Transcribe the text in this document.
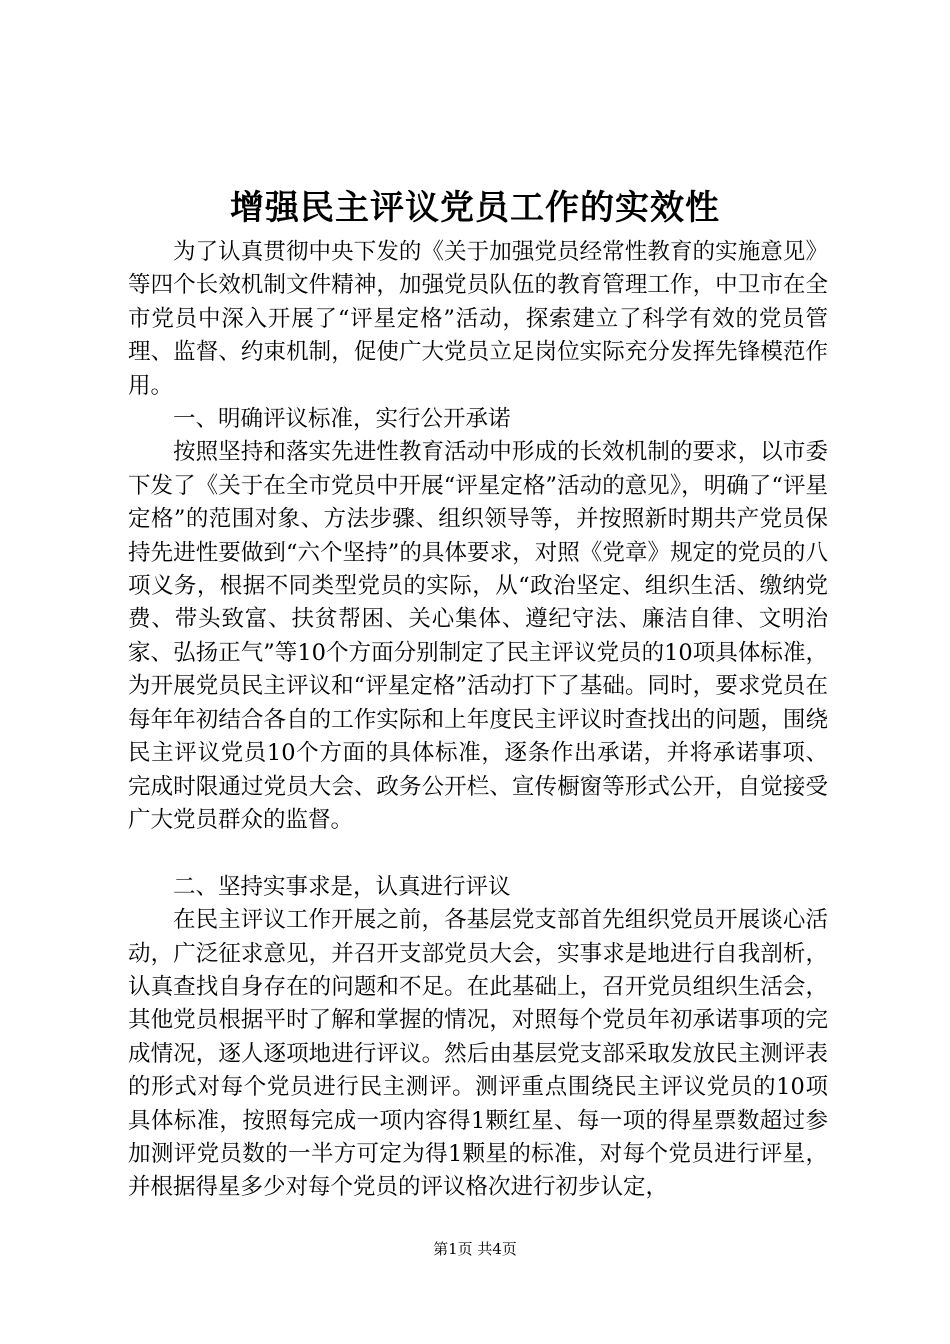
增强民主评议党员工作的实效性

为了认真贯彻中央下发的《关于加强党员经常性教育的实施意见》等四个长效机制文件精神，加强党员队伍的教育管理工作，中卫市在全市党员中深入开展了“评星定格”活动，探索建立了科学有效的党员管理、监督、约束机制，促使广大党员立足岗位实际充分发挥先锋模范作用。

一、明确评议标准，实行公开承诺

按照坚持和落实先进性教育活动中形成的长效机制的要求，以市委下发了《关于在全市党员中开展“评星定格”活动的意见》，明确了“评星定格”的范围对象、方法步骤、组织领导等，并按照新时期共产党员保持先进性要做到“六个坚持”的具体要求，对照《党章》规定的党员的八项义务，根据不同类型党员的实际，从“政治坚定、组织生活、缴纳党费、带头致富、扶贫帮困、关心集体、遵纪守法、廉洁自律、文明治家、弘扬正气”等10个方面分别制定了民主评议党员的10项具体标准，为开展党员民主评议和“评星定格”活动打下了基础。同时，要求党员在每年年初结合各自的工作实际和上年度民主评议时查找出的问题，围绕民主评议党员10个方面的具体标准，逐条作出承诺，并将承诺事项、完成时限通过党员大会、政务公开栏、宣传橱窗等形式公开，自觉接受广大党员群众的监督。

二、坚持实事求是，认真进行评议

在民主评议工作开展之前，各基层党支部首先组织党员开展谈心活动，广泛征求意见，并召开支部党员大会，实事求是地进行自我剖析，认真查找自身存在的问题和不足。在此基础上，召开党员组织生活会，其他党员根据平时了解和掌握的情况，对照每个党员年初承诺事项的完成情况，逐人逐项地进行评议。然后由基层党支部采取发放民主测评表的形式对每个党员进行民主测评。测评重点围绕民主评议党员的10项具体标准，按照每完成一项内容得1颗红星、每一项的得星票数超过参加测评党员数的一半方可定为得1颗星的标准，对每个党员进行评星，并根据得星多少对每个党员的评议格次进行初步认定，

第1页 共4页
